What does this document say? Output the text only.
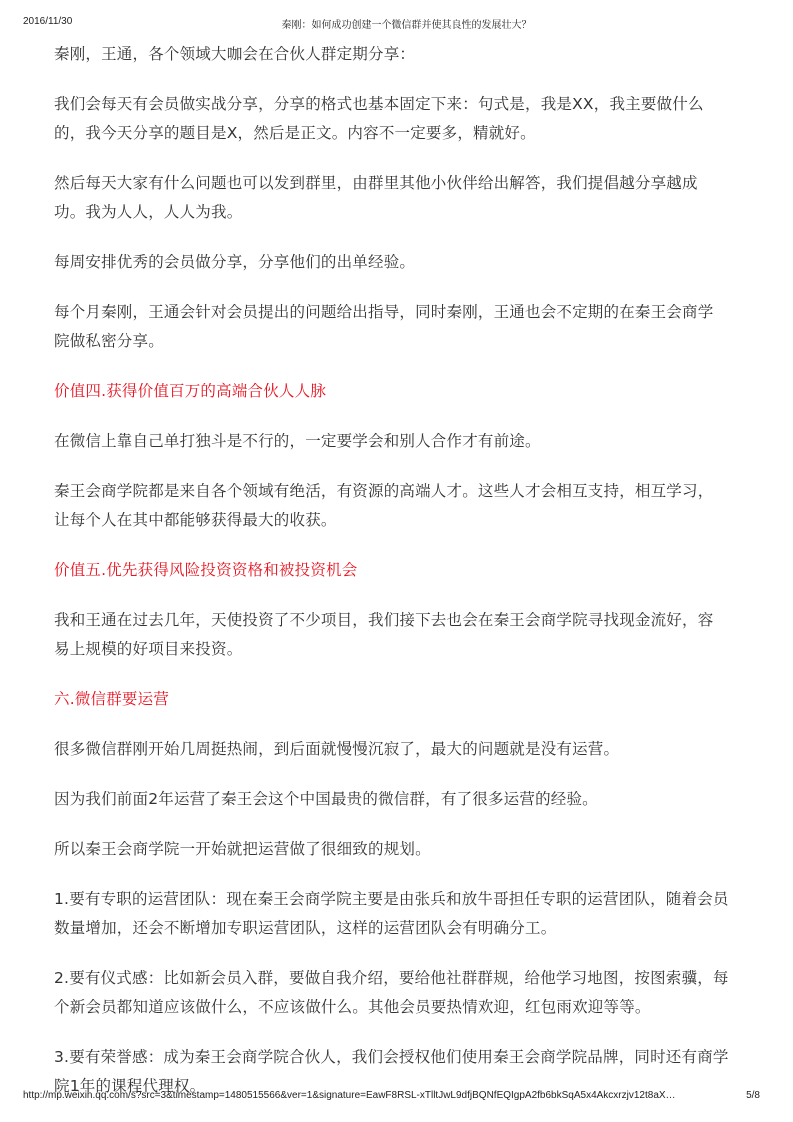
2016/11/30	秦刚：如何成功创建一个微信群并使其良性的发展壮大？

秦刚，王通，各个领域大咖会在合伙人群定期分享：

我们会每天有会员做实战分享，分享的格式也基本固定下来：句式是，我是XX，我主要做什么
的，我今天分享的题目是X，然后是正文。内容不一定要多，精就好。

然后每天大家有什么问题也可以发到群里，由群里其他小伙伴给出解答，我们提倡越分享越成
功。我为人人，人人为我。

每周安排优秀的会员做分享，分享他们的出单经验。

每个月秦刚，王通会针对会员提出的问题给出指导，同时秦刚，王通也会不定期的在秦王会商学
院做私密分享。

价值四.获得价值百万的高端合伙人人脉

在微信上靠自己单打独斗是不行的，一定要学会和别人合作才有前途。

秦王会商学院都是来自各个领域有绝活，有资源的高端人才。这些人才会相互支持，相互学习，
让每个人在其中都能够获得最大的收获。

价值五.优先获得风险投资资格和被投资机会

我和王通在过去几年，天使投资了不少项目，我们接下去也会在秦王会商学院寻找现金流好，容
易上规模的好项目来投资。

六.微信群要运营

很多微信群刚开始几周挺热闹，到后面就慢慢沉寂了，最大的问题就是没有运营。

因为我们前面2年运营了秦王会这个中国最贵的微信群，有了很多运营的经验。

所以秦王会商学院一开始就把运营做了很细致的规划。

1.要有专职的运营团队：现在秦王会商学院主要是由张兵和放牛哥担任专职的运营团队，随着会员
数量增加，还会不断增加专职运营团队，这样的运营团队会有明确分工。

2.要有仪式感：比如新会员入群，要做自我介绍，要给他社群群规，给他学习地图，按图索骥，每
个新会员都知道应该做什么，不应该做什么。其他会员要热情欢迎，红包雨欢迎等等。

3.要有荣誉感：成为秦王会商学院合伙人，我们会授权他们使用秦王会商学院品牌，同时还有商学
院1年的课程代理权。

http://mp.weixin.qq.com/s?src=3&timestamp=1480515566&ver=1&signature=EawF8RSL-xTlltJwL9dfjBQNfEQIgpA2fb6bkSqA5x4Akcxrzjv12t8aX…	5/8
